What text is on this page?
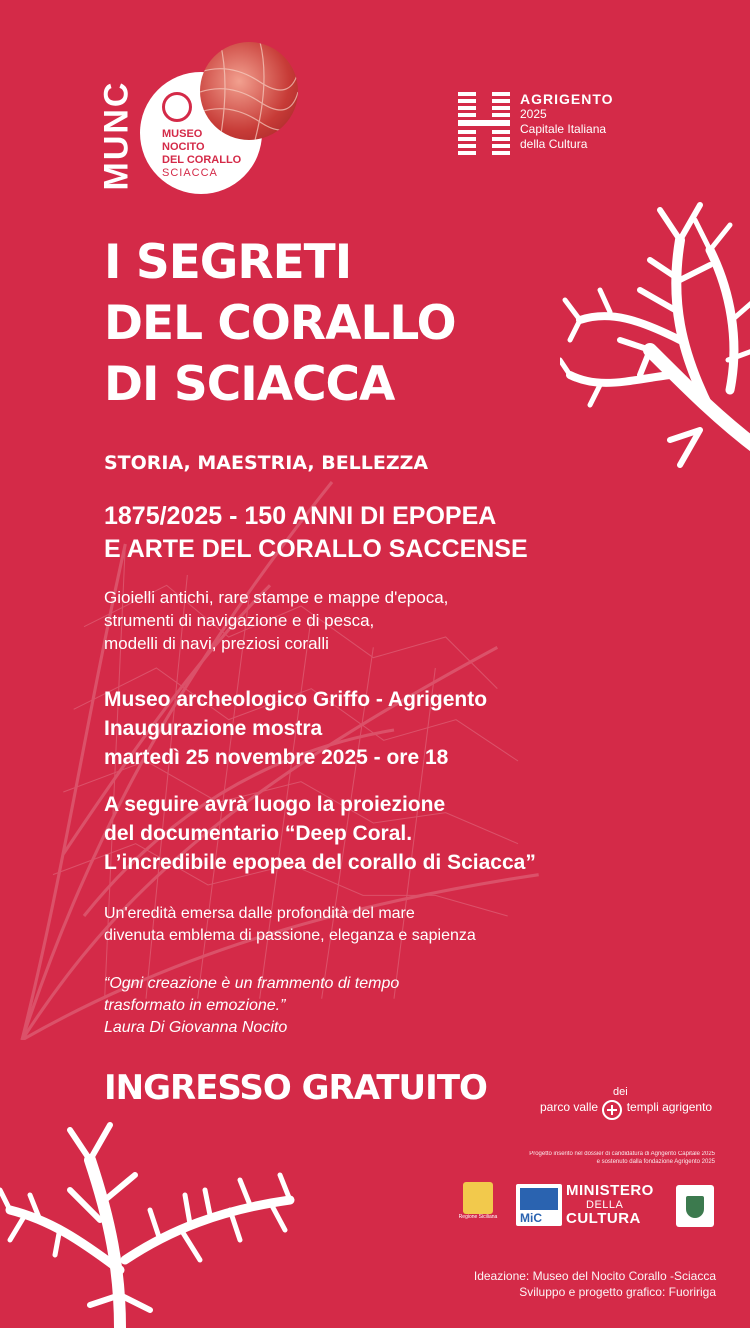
MUNC MUSEO
NOCITO
DEL CORALLO
SCIACCA
AGRIGENTO
2025
Capitale Italiana
della Cultura
I SEGRETI
DEL CORALLO
DI SCIACCA
STORIA, MAESTRIA, BELLEZZA
1875/2025 - 150 ANNI DI EPOPEA
E ARTE DEL CORALLO SACCENSE
Gioielli antichi, rare stampe e mappe d'epoca,
strumenti di navigazione e di pesca,
modelli di navi, preziosi coralli
Museo archeologico Griffo - Agrigento
Inaugurazione mostra
martedì 25 novembre 2025 - ore 18
A seguire avrà luogo la proiezione
del documentario “Deep Coral.
L’incredibile epopea del corallo di Sciacca”
Un'eredità emersa dalle profondità del mare
divenuta emblema di passione, eleganza e sapienza
“Ogni creazione è un frammento di tempo
trasformato in emozione.”
Laura Di Giovanna Nocito
INGRESSO GRATUITO	dei
parco valle templi agrigento
Progetto inserito nel dossier di candidatura di Agrigento Capitale 2025
e sostenuto dalla fondazione Agrigento 2025
Regione Siciliana MiC
MINISTERO
DELLA
CULTURA
Ideazione: Museo del Nocito Corallo -Sciacca
Sviluppo e progetto grafico: Fuoririga
